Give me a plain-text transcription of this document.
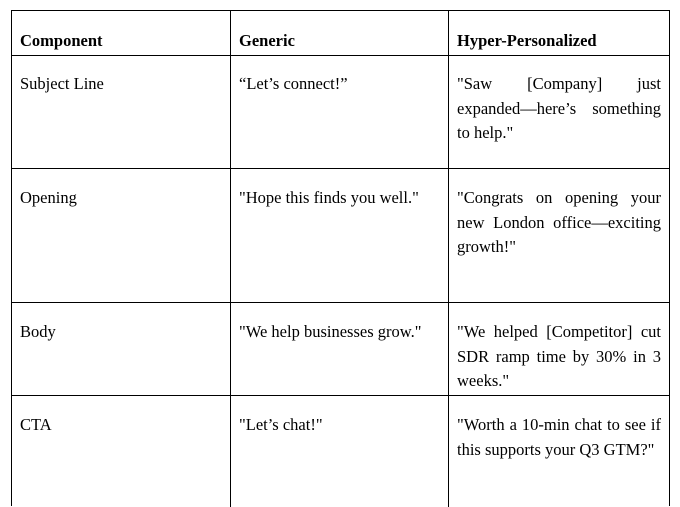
Component	Generic	Hyper-Personalized
Subject Line	“Let’s connect!”	"Saw [Company] just expanded—here’s something to help."
Opening	"Hope this finds you well."	"Congrats on opening your new London office—exciting growth!"
Body	"We help businesses grow."	"We helped [Competitor] cut SDR ramp time by 30% in 3 weeks."
CTA	"Let’s chat!"	"Worth a 10-min chat to see if this supports your Q3 GTM?"
